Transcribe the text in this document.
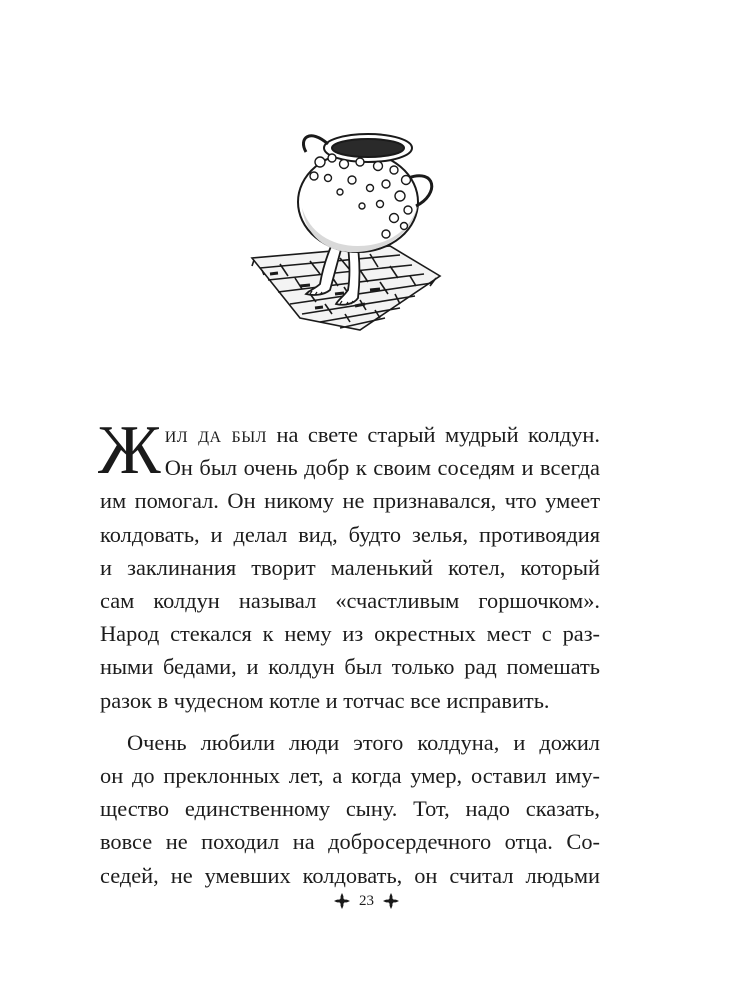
Жил да был на свете старый мудрый колдун.
Он был очень добр к своим соседям и всегда
им помогал. Он никому не признавался, что умеет
колдовать, и делал вид, будто зелья, противоядия
и заклинания творит маленький котел, который
сам колдун называл «счастливым горшочком».
Народ стекался к нему из окрестных мест с раз-
ными бедами, и колдун был только рад помешать
разок в чудесном котле и тотчас все исправить.

Очень любили люди этого колдуна, и дожил
он до преклонных лет, а когда умер, оставил иму-
щество единственному сыну. Тот, надо сказать,
вовсе не походил на добросердечного отца. Со-
седей, не умевших колдовать, он считал людьми

23
